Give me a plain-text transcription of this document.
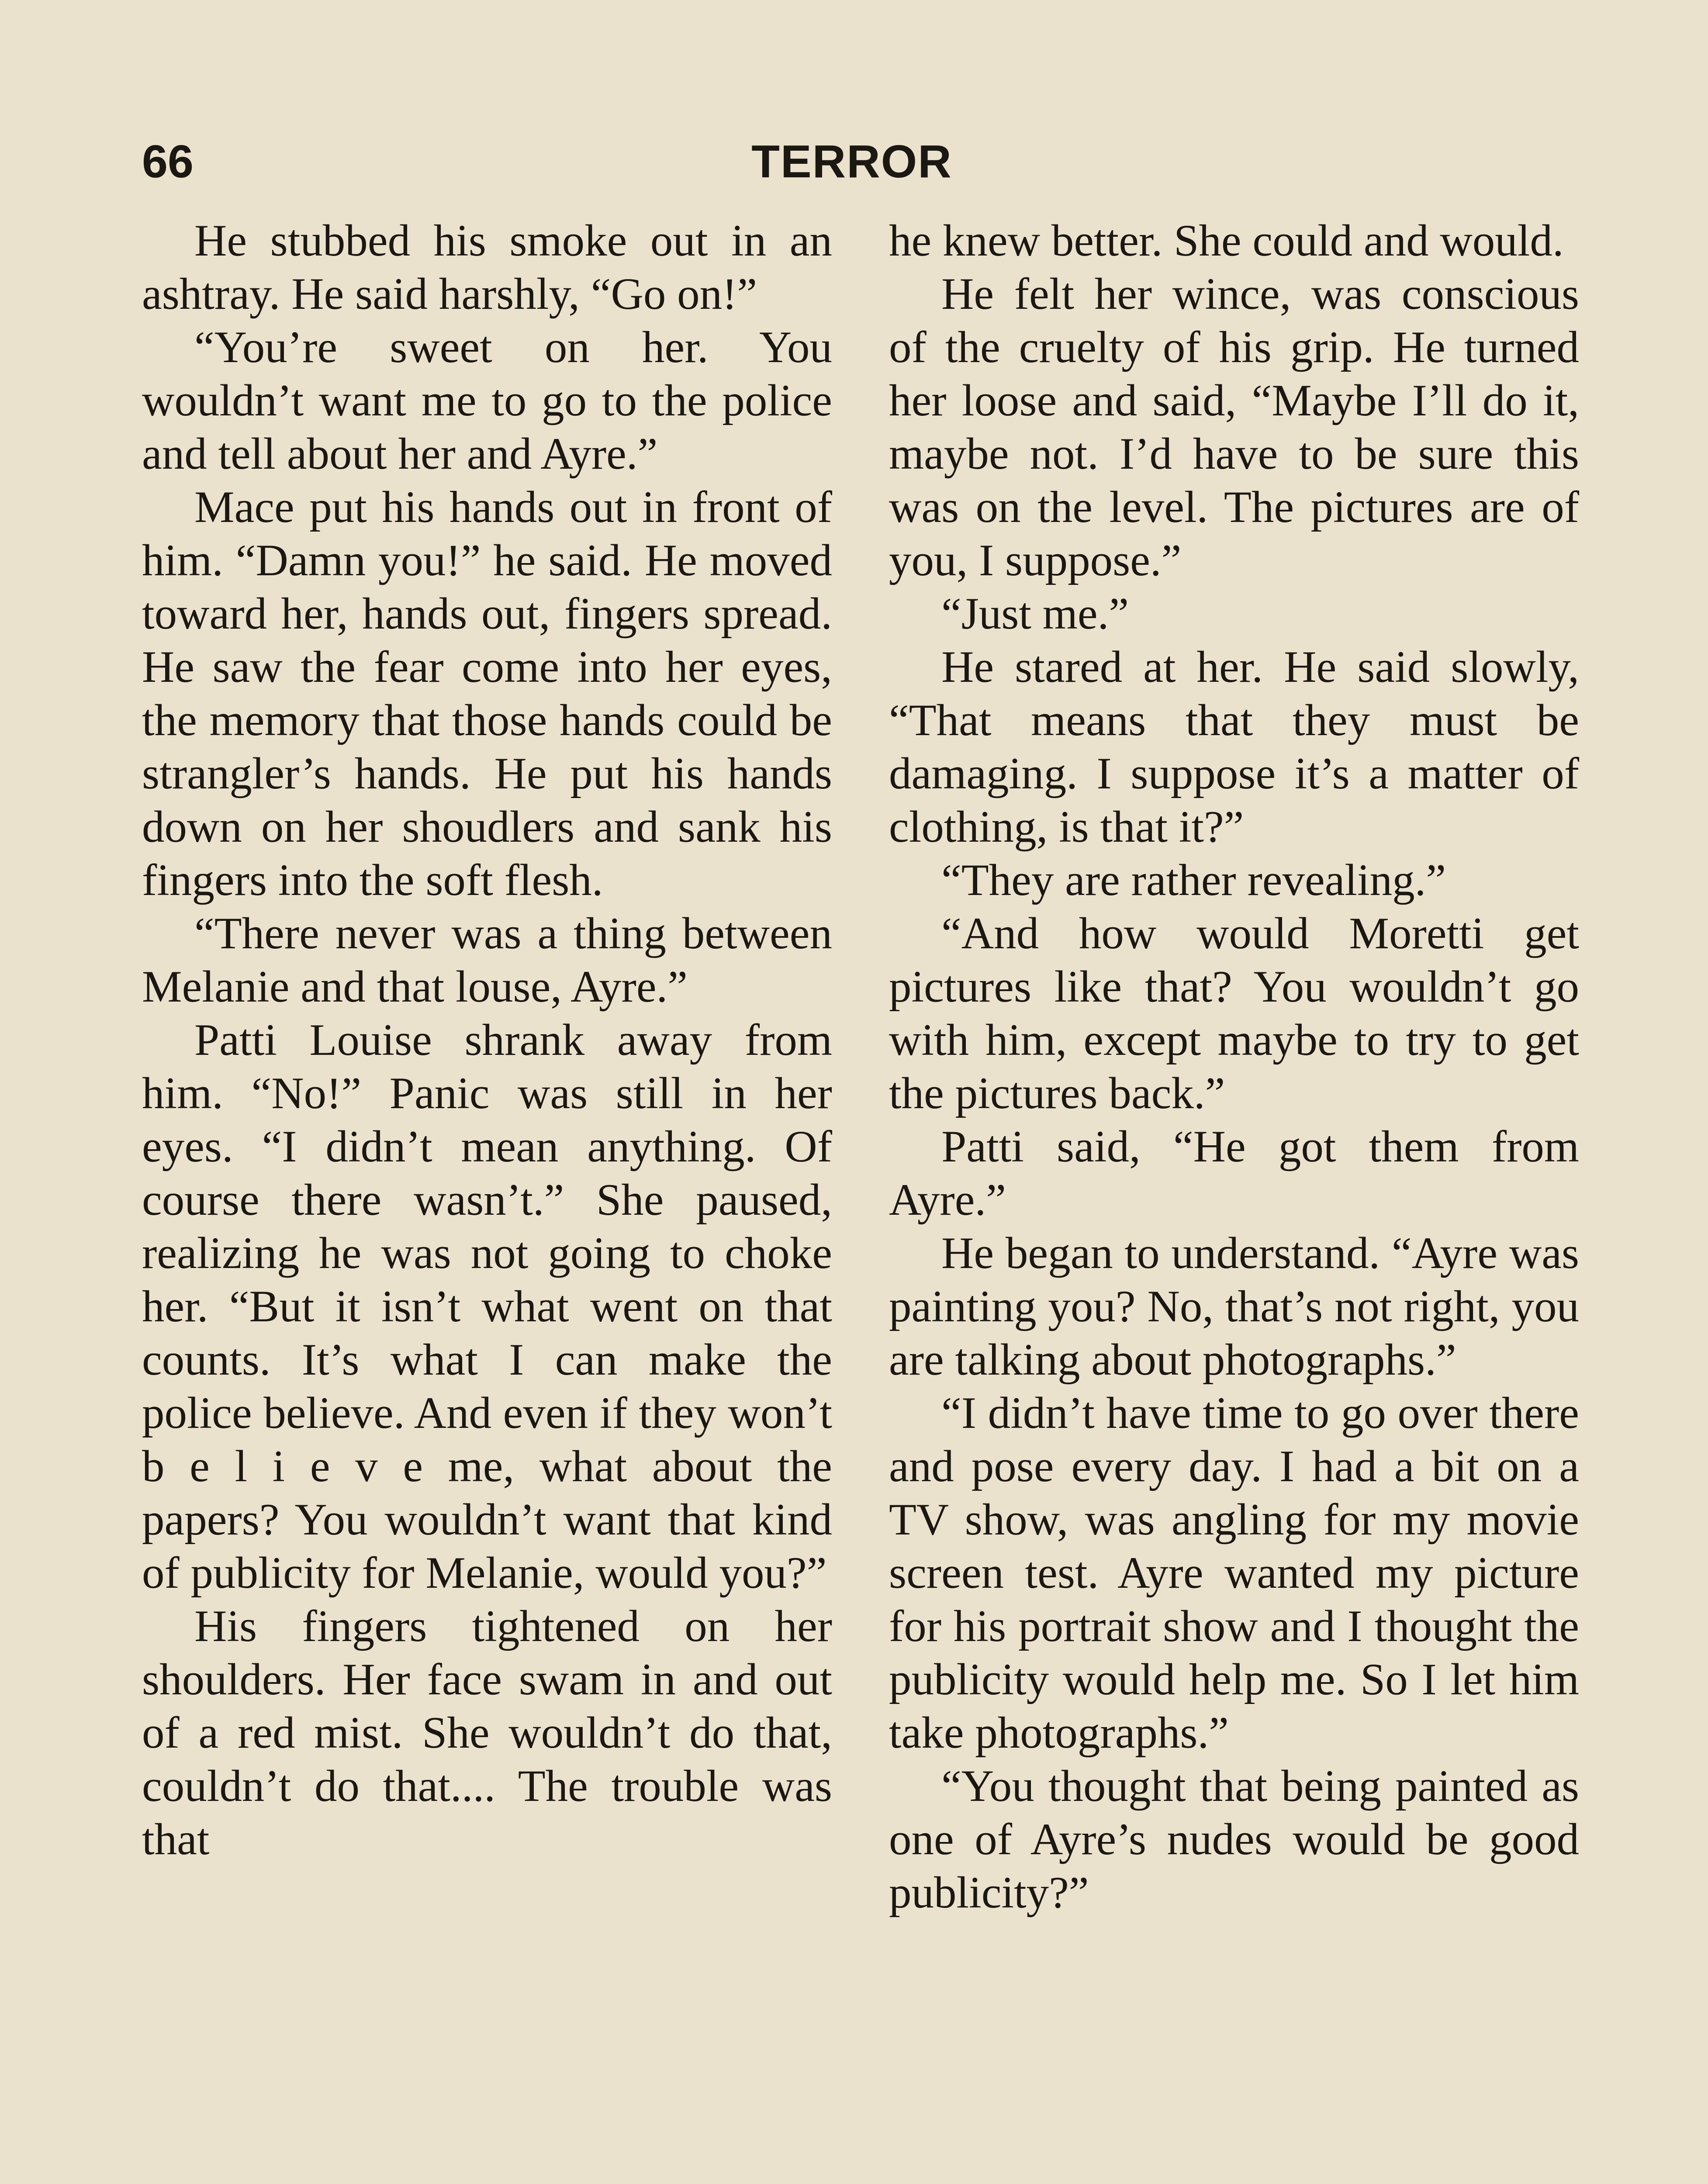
66	TERROR

He stubbed his smoke out in an ashtray. He said harshly, “Go on!”

“You’re sweet on her. You wouldn’t want me to go to the police and tell about her and Ayre.”

Mace put his hands out in front of him. “Damn you!” he said. He moved toward her, hands out, fingers spread. He saw the fear come into her eyes, the memory that those hands could be strangler’s hands. He put his hands down on her shoudlers and sank his fingers into the soft flesh.

“There never was a thing between Melanie and that louse, Ayre.”

Patti Louise shrank away from him. “No!” Panic was still in her eyes. “I didn’t mean anything. Of course there wasn’t.” She paused, realizing he was not going to choke her. “But it isn’t what went on that counts. It’s what I can make the police believe. And even if they won’t b e l i e v e me, what about the papers? You wouldn’t want that kind of publicity for Melanie, would you?”

His fingers tightened on her shoulders. Her face swam in and out of a red mist. She wouldn’t do that, couldn’t do that.... The trouble was that

he knew better. She could and would.

He felt her wince, was conscious of the cruelty of his grip. He turned her loose and said, “Maybe I’ll do it, maybe not. I’d have to be sure this was on the level. The pictures are of you, I suppose.”

“Just me.”

He stared at her. He said slowly, “That means that they must be damaging. I suppose it’s a matter of clothing, is that it?”

“They are rather revealing.”

“And how would Moretti get pictures like that? You wouldn’t go with him, except maybe to try to get the pictures back.”

Patti said, “He got them from Ayre.”

He began to understand. “Ayre was painting you? No, that’s not right, you are talking about photographs.”

“I didn’t have time to go over there and pose every day. I had a bit on a TV show, was angling for my movie screen test. Ayre wanted my picture for his portrait show and I thought the publicity would help me. So I let him take photographs.”

“You thought that being painted as one of Ayre’s nudes would be good publicity?”
